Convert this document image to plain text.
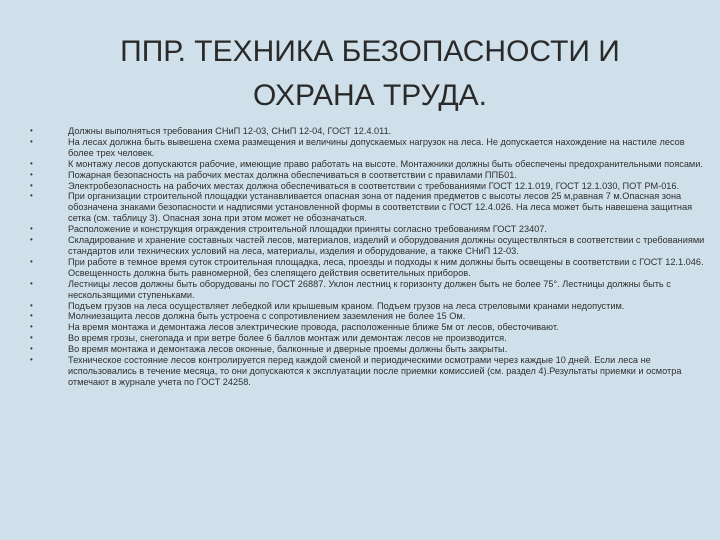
ППР. ТЕХНИКА БЕЗОПАСНОСТИ И
ОХРАНА ТРУДА.
•	Должны выполняться требования СНиП 12-03, СНиП 12-04, ГОСТ 12.4.011.
•	На лесах должна быть вывешена схема размещения и величины допускаемых нагрузок на леса. Не допускается нахождение на настиле лесов более трех человек.
•	К монтажу лесов допускаются рабочие, имеющие право работать на высоте. Монтажники должны быть обеспечены предохранительными поясами.
•	Пожарная безопасность на рабочих местах должна обеспечиваться в соответствии с правилами ППБ01.
•	Электробезопасность на рабочих местах должна обеспечиваться в соответствии с требованиями ГОСТ 12.1.019, ГОСТ 12.1.030, ПОТ РМ-016.
•	При организации строительной площадки устанавливается опасная зона от падения предметов с высоты лесов 25 м,равная 7 м.Опасная зона обозначена знаками безопасности и надписями установленной формы в соответствии с ГОСТ 12.4.026. На леса может быть навешена защитная сетка (см. таблицу 3). Опасная зона при этом может не обозначаться.
•	Расположение и конструкция ограждения строительной площадки приняты согласно требованиям ГОСТ 23407.
•	Складирование и хранение составных частей лесов, материалов, изделий и оборудования должны осуществляться в соответствии с требованиями стандартов или технических условий на леса, материалы, изделия и оборудование, а также СНиП 12-03.
•	При работе в темное время суток строительная площадка, леса, проезды и подходы к ним должны быть освещены в соответствии с ГОСТ 12.1.046. Освещенность должна быть равномерной, без слепящего действия осветительных приборов.
•	Лестницы лесов должны быть оборудованы по ГОСТ 26887. Уклон лестниц к горизонту должен быть не более 75°. Лестницы должны быть с нескользящими ступеньками.
•	Подъем грузов на леса осуществляет лебедкой или крышевым краном. Подъем грузов на леса стреловыми кранами недопустим.
•	Молниезащита лесов должна быть устроена с сопротивлением заземления не более 15 Ом.
•	На время монтажа и демонтажа лесов электрические провода, расположенные ближе 5м от лесов, обесточивают.
•	Во время грозы, снегопада и при ветре более 6 баллов монтаж или демонтаж лесов не производится.
•	Во время монтажа и демонтажа лесов оконные, балконные и дверные проемы должны быть закрыты.
•	Техническое состояние лесов контролируется перед каждой сменой и периодическими осмотрами через каждые 10 дней. Если леса не использовались в течение месяца, то они допускаются к эксплуатации после приемки комиссией (см. раздел 4).Результаты приемки и осмотра отмечают в журнале учета по ГОСТ 24258.
